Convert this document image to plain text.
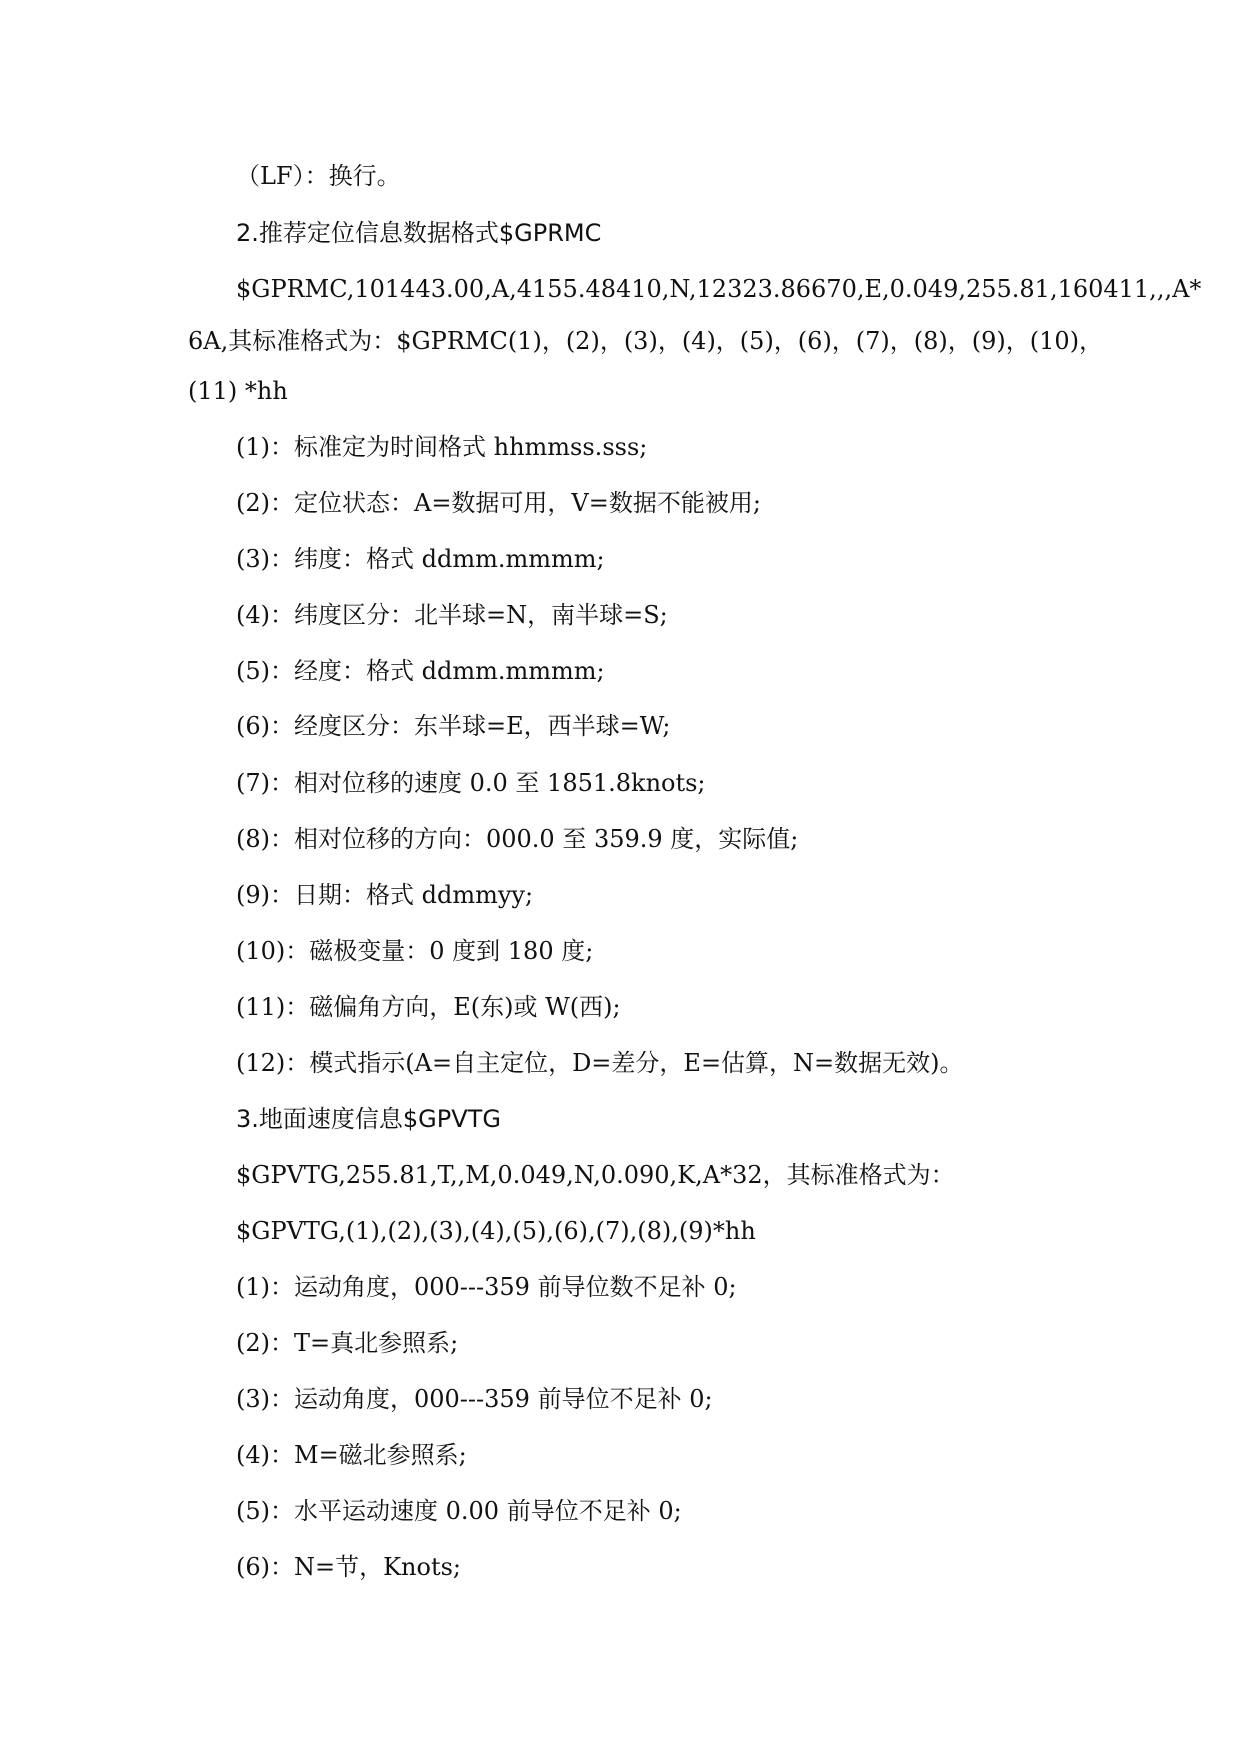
（LF）：换行。
2.推荐定位信息数据格式$GPRMC
$GPRMC,101443.00,A,4155.48410,N,12323.86670,E,0.049,255.81,160411,,,A*
6A,其标准格式为：$GPRMC(1)，(2)，(3)，(4)，(5)，(6)，(7)，(8)，(9)，(10)，
(11) *hh
(1)：标准定为时间格式 hhmmss.sss;
(2)：定位状态：A=数据可用，V=数据不能被用;
(3)：纬度：格式 ddmm.mmmm;
(4)：纬度区分：北半球=N，南半球=S;
(5)：经度：格式 ddmm.mmmm;
(6)：经度区分：东半球=E，西半球=W;
(7)：相对位移的速度 0.0 至 1851.8knots;
(8)：相对位移的方向：000.0 至 359.9 度，实际值;
(9)：日期：格式 ddmmyy;
(10)：磁极变量：0 度到 180 度;
(11)：磁偏角方向，E(东)或 W(西);
(12)：模式指示(A=自主定位，D=差分，E=估算，N=数据无效)。
3.地面速度信息$GPVTG
$GPVTG,255.81,T,,M,0.049,N,0.090,K,A*32，其标准格式为：
$GPVTG,(1),(2),(3),(4),(5),(6),(7),(8),(9)*hh
(1)：运动角度，000---359 前导位数不足补 0;
(2)：T=真北参照系;
(3)：运动角度，000---359 前导位不足补 0;
(4)：M=磁北参照系;
(5)：水平运动速度 0.00 前导位不足补 0;
(6)：N=节，Knots;
